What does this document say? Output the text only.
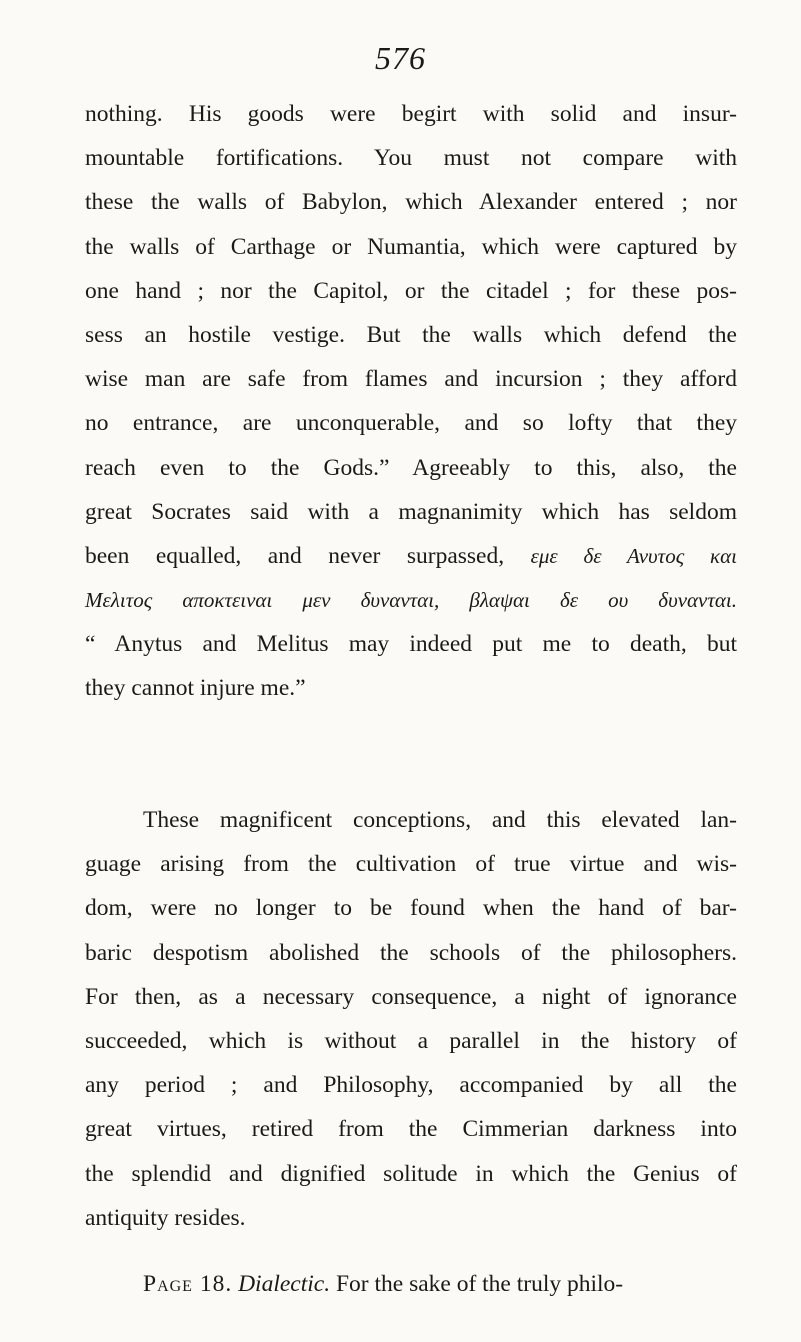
576
nothing. His goods were begirt with solid and insur-
mountable fortifications. You must not compare with
these the walls of Babylon, which Alexander entered ; nor
the walls of Carthage or Numantia, which were captured by
one hand ; nor the Capitol, or the citadel ; for these pos-
sess an hostile vestige. But the walls which defend the
wise man are safe from flames and incursion ; they afford
no entrance, are unconquerable, and so lofty that they
reach even to the Gods.” Agreeably to this, also, the
great Socrates said with a magnanimity which has seldom
been equalled, and never surpassed, εμε δε Ανυτος και
Μελιτος αποκτειναι μεν δυνανται, βλαψαι δε ου δυνανται.
“ Anytus and Melitus may indeed put me to death, but
they cannot injure me.”
These magnificent conceptions, and this elevated lan-
guage arising from the cultivation of true virtue and wis-
dom, were no longer to be found when the hand of bar-
baric despotism abolished the schools of the philosophers.
For then, as a necessary consequence, a night of ignorance
succeeded, which is without a parallel in the history of
any period ; and Philosophy, accompanied by all the
great virtues, retired from the Cimmerian darkness into
the splendid and dignified solitude in which the Genius of
antiquity resides.
Page 18. Dialectic. For the sake of the truly philo-
